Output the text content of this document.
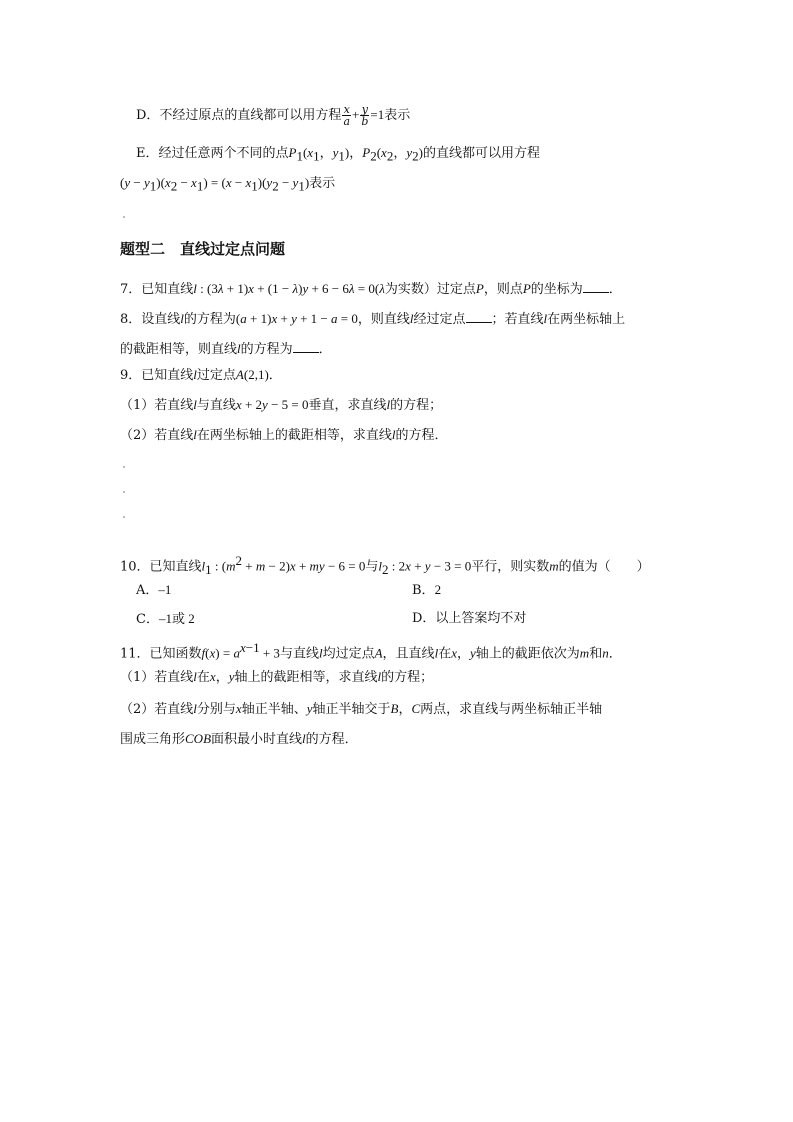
D．不经过原点的直线都可以用方程 $\frac{x}{a} + \frac{y}{b} =1$表示
E．经过任意两个不同的点$P_1(x_1$，$y_1$)，$P_2(x_2$，$y_2$)的直线都可以用方程
$(y - y_1)(x_2 - x_1) = (x - x_1)(y_2 - y_1)$表示
题型二　直线过定点问题
7．已知直线l : (3λ + 1)x + (1 − λ)y + 6 − 6λ = 0(λ为实数）过定点P，则点P的坐标为 ．
8．设直线l的方程为(a + 1)x + y + 1 − a = 0，则直线l经过定点 ；若直线l在两坐标轴上
的截距相等，则直线l的方程为 ．
9．已知直线l过定点A(2,1)．
（1）若直线l与直线x + 2y − 5 = 0垂直，求直线l的方程；
（2）若直线l在两坐标轴上的截距相等，求直线l的方程．
10．已知直线$l_1$ : $(m^2 + m - 2)x$ + my − 6 = 0与$l_2$ : 2x + y − 3 = 0平行，则实数m的值为（　　）
A．–1	B．2
C．–1或 2	D．以上答案均不对
11．已知函数$f(x) = a^{x-1} + 3$与直线l均过定点A，且直线l在x，y轴上的截距依次为m和n．
（1）若直线l在x，y轴上的截距相等，求直线l的方程；
（2）若直线l分别与x轴正半轴、y轴正半轴交于B，C两点，求直线与两坐标轴正半轴
围成三角形COB面积最小时直线l的方程．
